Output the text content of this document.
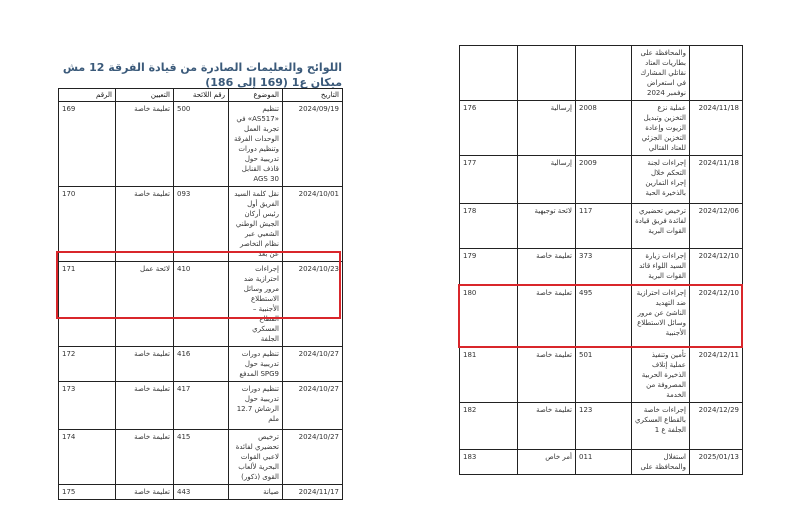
اللوائح والتعليمات الصادرة من قيادة الفرقة 12 مش ميكان ع1 (169 إلى 186)
الرقم	التعيين	رقم اللائحة	الموضوع	التاريخ
169	تعليمة خاصة	500	تنظيم «AS517» في تجربة العمل الوحدات الفرقة وتنظيم دورات تدريبية حول قاذف القنابل AGS 30	2024/09/19
170	تعليمة خاصة	093	نقل كلمة السيد الفريق أول رئيس أركان الجيش الوطني الشعبي عبر نظام التخاصر عن بعد	2024/10/01
171	لائحة عمل	410	إجراءات احترازية ضد مرور وسائل الاستطلاع الأجنبية – القطاع العسكري الجلفة	2024/10/23
172	تعليمة خاصة	416	تنظيم دورات تدريبية حول SPG9 المدفع	2024/10/27
173	تعليمة خاصة	417	تنظيم دورات تدريبية حول الرشاش 12.7 ملم	2024/10/27
174	تعليمة خاصة	415	ترخيص تحضيري لفائدة لاعبي القوات البحرية لألعاب القوى (ذكور)	2024/10/27
175	تعليمة خاصة	443	صيانة	2024/11/17
			والمحافظة على بطاريات العتاد نقاتلي المشارك في استعراض نوفمبر 2024	
176	إرسالية	2008	عملية نزع التخزين وتبديل الزيوت وإعادة التخزين الجزئي للعتاد القتالي	2024/11/18
177	إرسالية	2009	إجراءات لجنة التحكم خلال إجراء التمارين بالذخيرة الحية	2024/11/18
178	لائحة توجيهية	117	ترخيص تحضيري لفائدة فريق قيادة القوات البرية	2024/12/06
179	تعليمة خاصة	373	إجراءات زيارة السيد اللواء قائد القوات البرية	2024/12/10
180	تعليمة خاصة	495	إجراءات احترازية ضد التهديد الناشئ عن مرور وسائل الاستطلاع الأجنبية	2024/12/10
181	تعليمة خاصة	501	تأمين وتنفيذ عملية إتلاف الذخيرة الحربية المصروفة من الخدمة	2024/12/11
182	تعليمة خاصة	123	إجراءات خاصة بالقطاع العسكري الجلفة ع 1	2024/12/29
183	أمر خاص	011	استغلال والمحافظة على	2025/01/13
